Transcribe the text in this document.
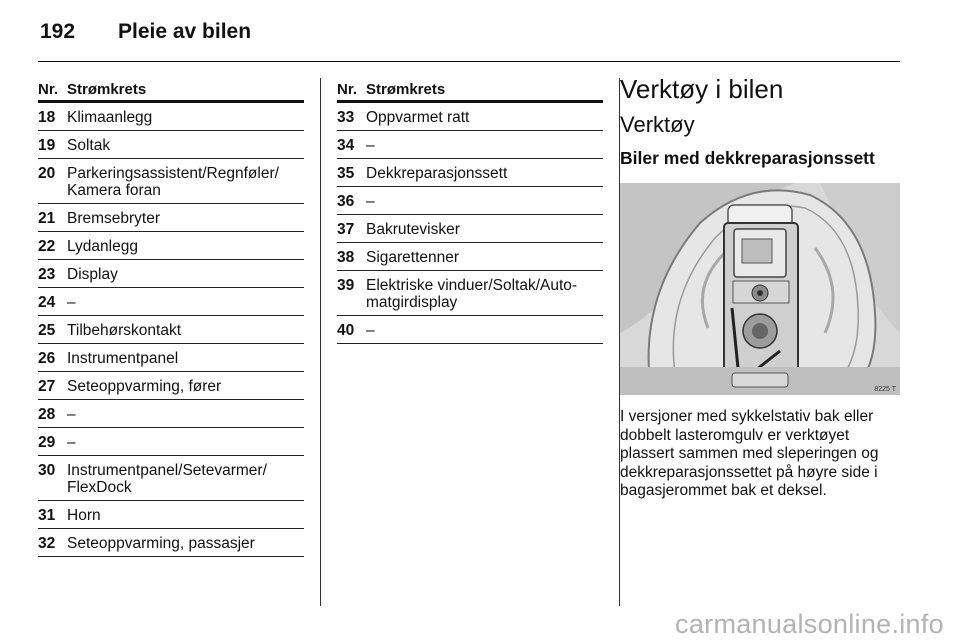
192 Pleie av bilen
Nr. Strømkrets
18 Klimaanlegg
19 Soltak
20 Parkeringsassistent/Regnføler/
Kamera foran
21 Bremsebryter
22 Lydanlegg
23 Display
24 –
25 Tilbehørskontakt
26 Instrumentpanel
27 Seteoppvarming, fører
28 –
29 –
30 Instrumentpanel/Setevarmer/
FlexDock
31 Horn
32 Seteoppvarming, passasjer
Nr. Strømkrets
33 Oppvarmet ratt
34 –
35 Dekkreparasjonssett
36 –
37 Bakrutevisker
38 Sigarettenner
39 Elektriske vinduer/Soltak/Auto-
matgirdisplay
40 –
Verktøy i bilen
Verktøy
Biler med dekkreparasjonssett
8225 T
I versjoner med sykkelstativ bak eller dobbelt lasteromgulv er verktøyet plassert sammen med sleperingen og dekkreparasjonssettet på høyre side i bagasjerommet bak et deksel.
carmanualsonline.info
